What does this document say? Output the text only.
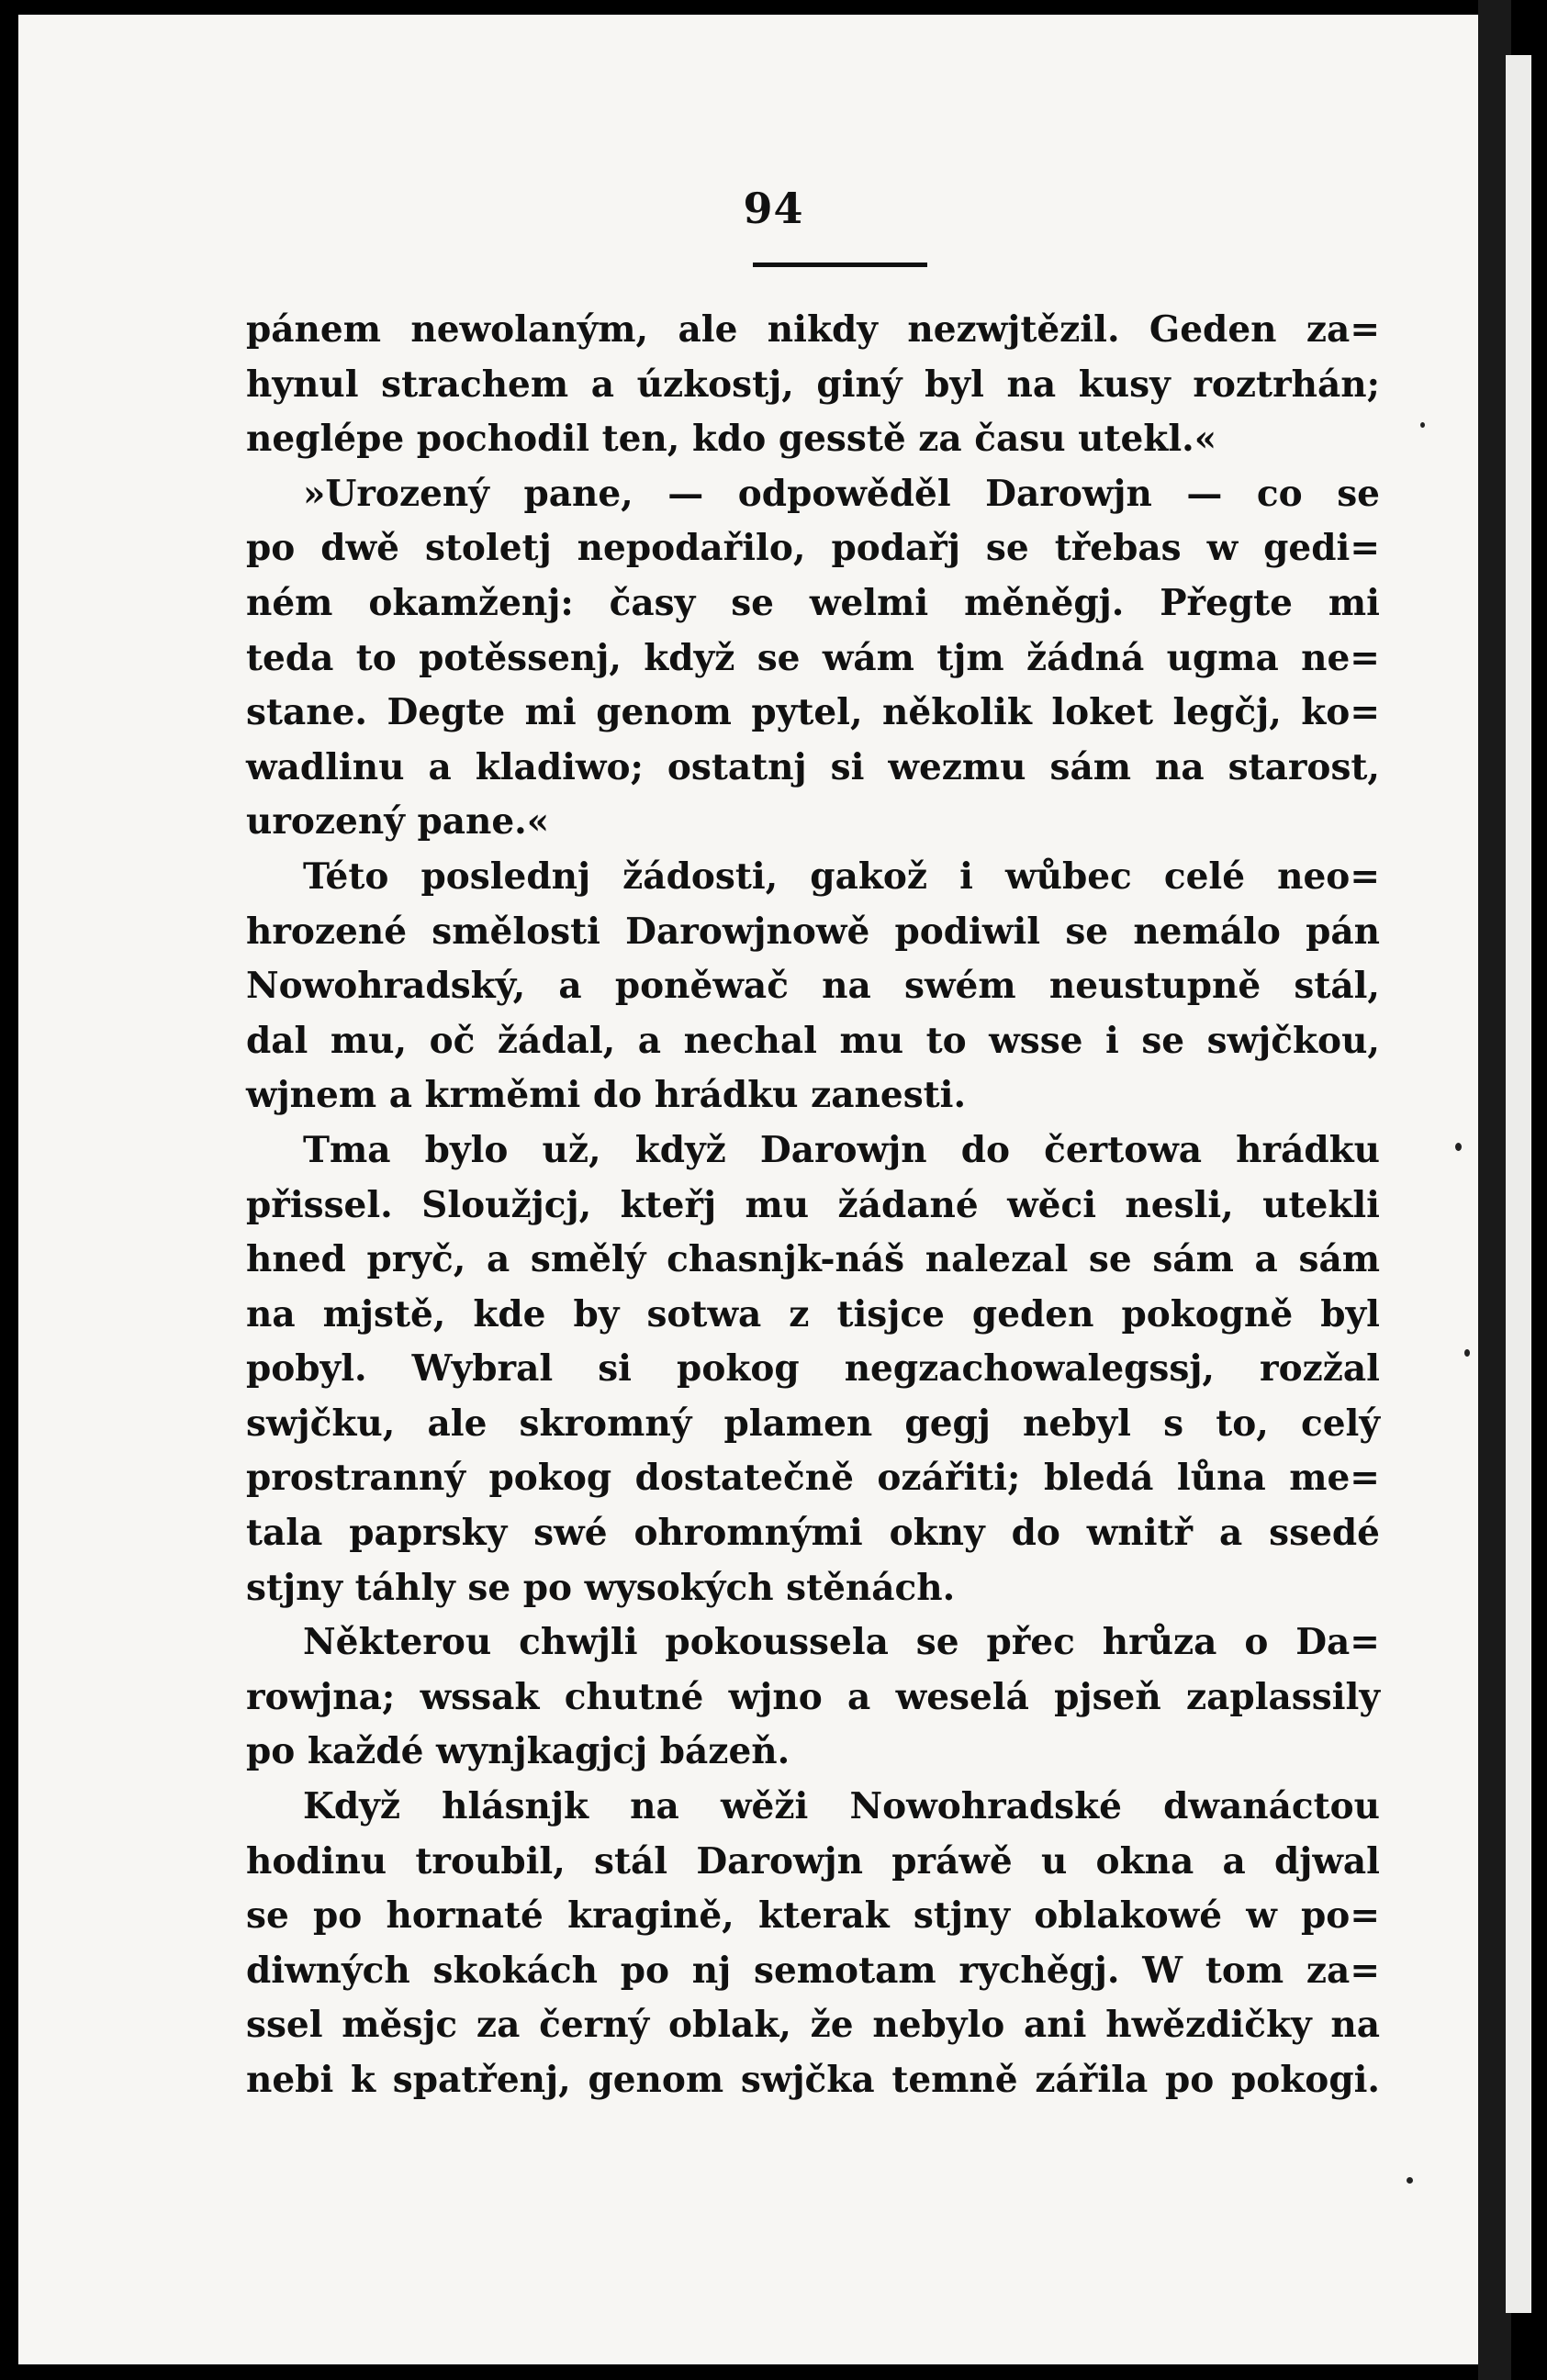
94
pánem newolaným, ale nikdy nezwjtězil. Geden za=
hynul strachem a úzkostj, giný byl na kusy roztrhán;
neglépe pochodil ten, kdo gesstě za času utekl.«
»Urozený pane, — odpowěděl Darowjn — co se
po dwě stoletj nepodařilo, podařj se třebas w gedi=
ném okamženj: časy se welmi měněgj. Přegte mi
teda to potěssenj, když se wám tjm žádná ugma ne=
stane. Degte mi genom pytel, několik loket legčj, ko=
wadlinu a kladiwo; ostatnj si wezmu sám na starost,
urozený pane.«
Této poslednj žádosti, gakož i wůbec celé neo=
hrozené smělosti Darowjnowě podiwil se nemálo pán
Nowohradský, a poněwač na swém neustupně stál,
dal mu, oč žádal, a nechal mu to wsse i se swjčkou,
wjnem a krměmi do hrádku zanesti.
Tma bylo už, když Darowjn do čertowa hrádku
přissel. Sloužjcj, kteřj mu žádané wěci nesli, utekli
hned pryč, a smělý chasnjk-náš nalezal se sám a sám
na mjstě, kde by sotwa z tisjce geden pokogně byl
pobyl. Wybral si pokog negzachowalegssj, rozžal
swjčku, ale skromný plamen gegj nebyl s to, celý
prostranný pokog dostatečně ozářiti; bledá lůna me=
tala paprsky swé ohromnými okny do wnitř a ssedé
stjny táhly se po wysokých stěnách.
Některou chwjli pokoussela se přec hrůza o Da=
rowjna; wssak chutné wjno a weselá pjseň zaplassily
po každé wynjkagjcj bázeň.
Když hlásnjk na wěži Nowohradské dwanáctou
hodinu troubil, stál Darowjn práwě u okna a djwal
se po hornaté kragině, kterak stjny oblakowé w po=
diwných skokách po nj semotam rychěgj. W tom za=
ssel měsjc za černý oblak, že nebylo ani hwězdičky na
nebi k spatřenj, genom swjčka temně zářila po pokogi.
